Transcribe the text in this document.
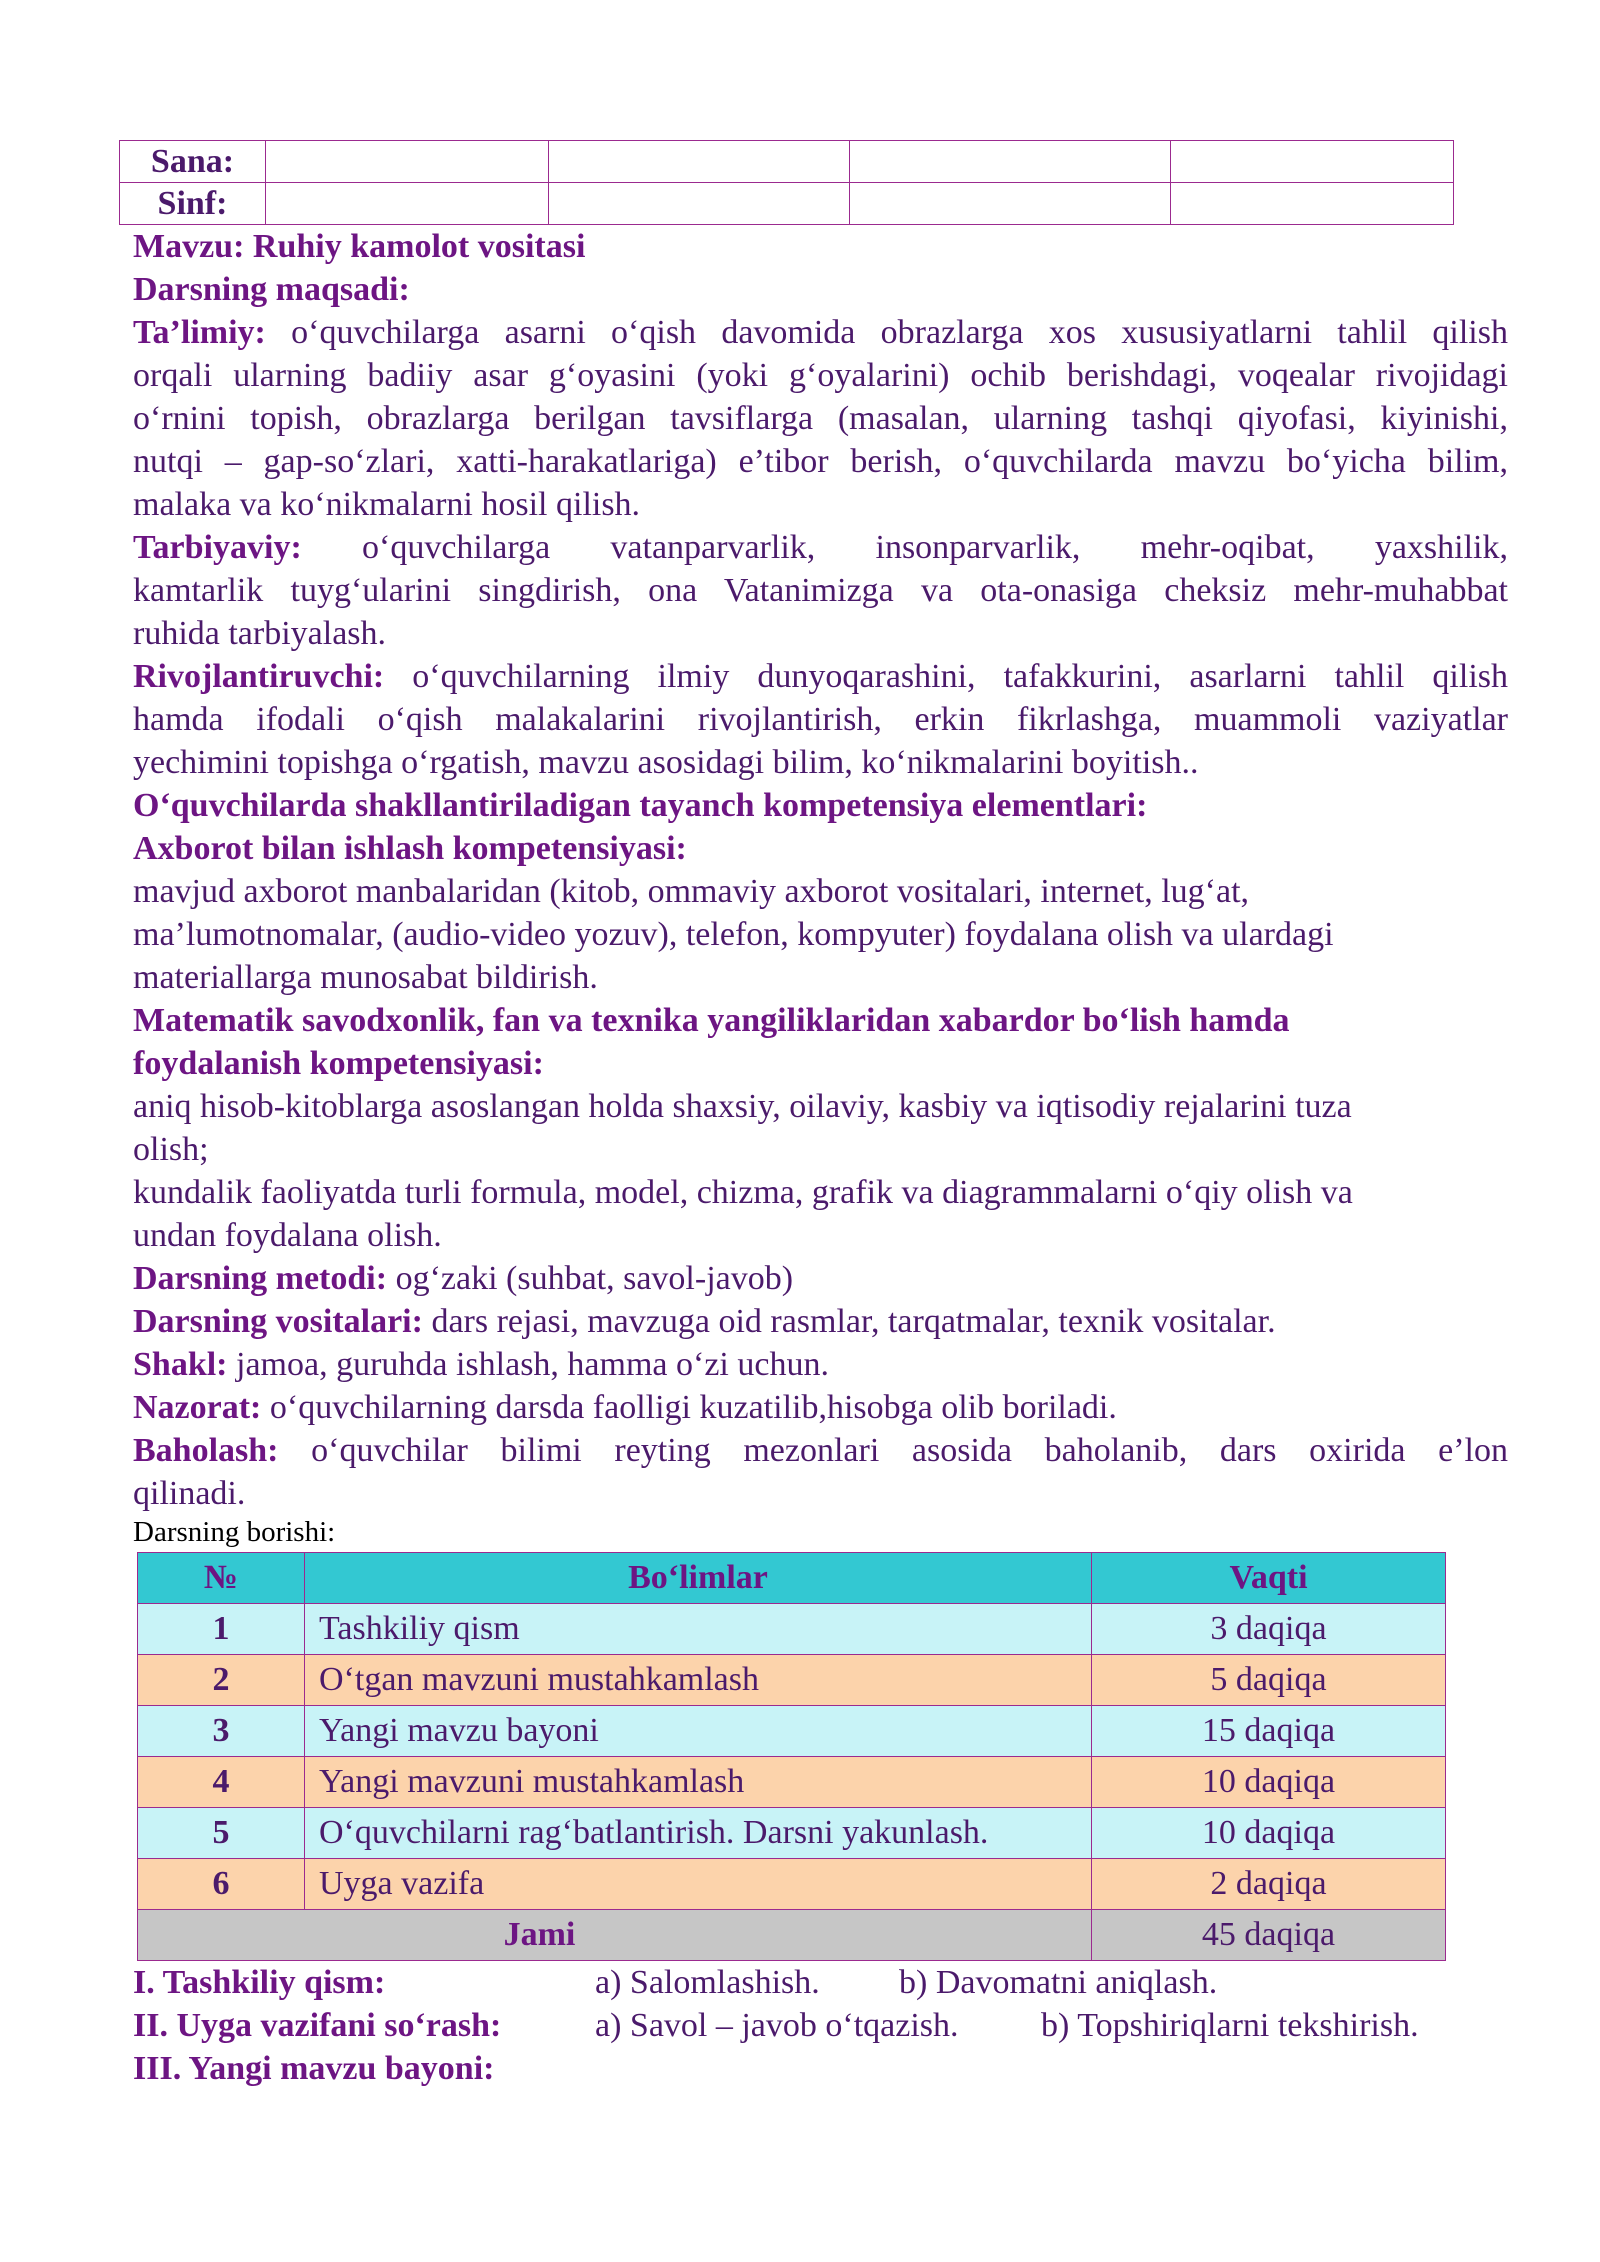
Sana:				
Sinf:				
Mavzu: Ruhiy kamolot vositasi
Darsning maqsadi:
Ta’limiy: o‘quvchilarga asarni o‘qish davomida obrazlarga xos xususiyatlarni tahlil qilish
orqali ularning badiiy asar g‘oyasini (yoki g‘oyalarini) ochib berishdagi, voqealar rivojidagi
o‘rnini topish, obrazlarga berilgan tavsiflarga (masalan, ularning tashqi qiyofasi, kiyinishi,
nutqi – gap-so‘zlari, xatti-harakatlariga) e’tibor berish, o‘quvchilarda mavzu bo‘yicha bilim,
malaka va ko‘nikmalarni hosil qilish.
Tarbiyaviy: o‘quvchilarga vatanparvarlik, insonparvarlik, mehr-oqibat, yaxshilik,
kamtarlik tuyg‘ularini singdirish, ona Vatanimizga va ota-onasiga cheksiz mehr-muhabbat
ruhida tarbiyalash.
Rivojlantiruvchi: o‘quvchilarning ilmiy dunyoqarashini, tafakkurini, asarlarni tahlil qilish
hamda ifodali o‘qish malakalarini rivojlantirish, erkin fikrlashga, muammoli vaziyatlar
yechimini topishga o‘rgatish, mavzu asosidagi bilim, ko‘nikmalarini boyitish..
O‘quvchilarda shakllantiriladigan tayanch kompetensiya elementlari:
Axborot bilan ishlash kompetensiyasi:
mavjud axborot manbalaridan (kitob, ommaviy axborot vositalari, internet, lug‘at,
ma’lumotnomalar, (audio-video yozuv), telefon, kompyuter) foydalana olish va ulardagi
materiallarga munosabat bildirish.
Matematik savodxonlik, fan va texnika yangiliklaridan xabardor bo‘lish hamda
foydalanish kompetensiyasi:
aniq hisob-kitoblarga asoslangan holda shaxsiy, oilaviy, kasbiy va iqtisodiy rejalarini tuza
olish;
kundalik faoliyatda turli formula, model, chizma, grafik va diagrammalarni o‘qiy olish va
undan foydalana olish.
Darsning metodi: og‘zaki (suhbat, savol-javob)
Darsning vositalari: dars rejasi, mavzuga oid rasmlar, tarqatmalar, texnik vositalar.
Shakl: jamoa, guruhda ishlash, hamma o‘zi uchun.
Nazorat: o‘quvchilarning darsda faolligi kuzatilib,hisobga olib boriladi.
Baholash: o‘quvchilar bilimi reyting mezonlari asosida baholanib, dars oxirida e’lon
qilinadi.
Darsning borishi:
№	Bo‘limlar	Vaqti
1	Tashkiliy qism	3 daqiqa
2	O‘tgan mavzuni mustahkamlash	5 daqiqa
3	Yangi mavzu bayoni	15 daqiqa
4	Yangi mavzuni mustahkamlash	10 daqiqa
5	O‘quvchilarni rag‘batlantirish. Darsni yakunlash.	10 daqiqa
6	Uyga vazifa	2 daqiqa
Jami		45 daqiqa
I. Tashkiliy qism:	a) Salomlashish. b) Davomatni aniqlash.
II. Uyga vazifani so‘rash:	a) Savol – javob o‘tqazish. b) Topshiriqlarni tekshirish.
III. Yangi mavzu bayoni:
